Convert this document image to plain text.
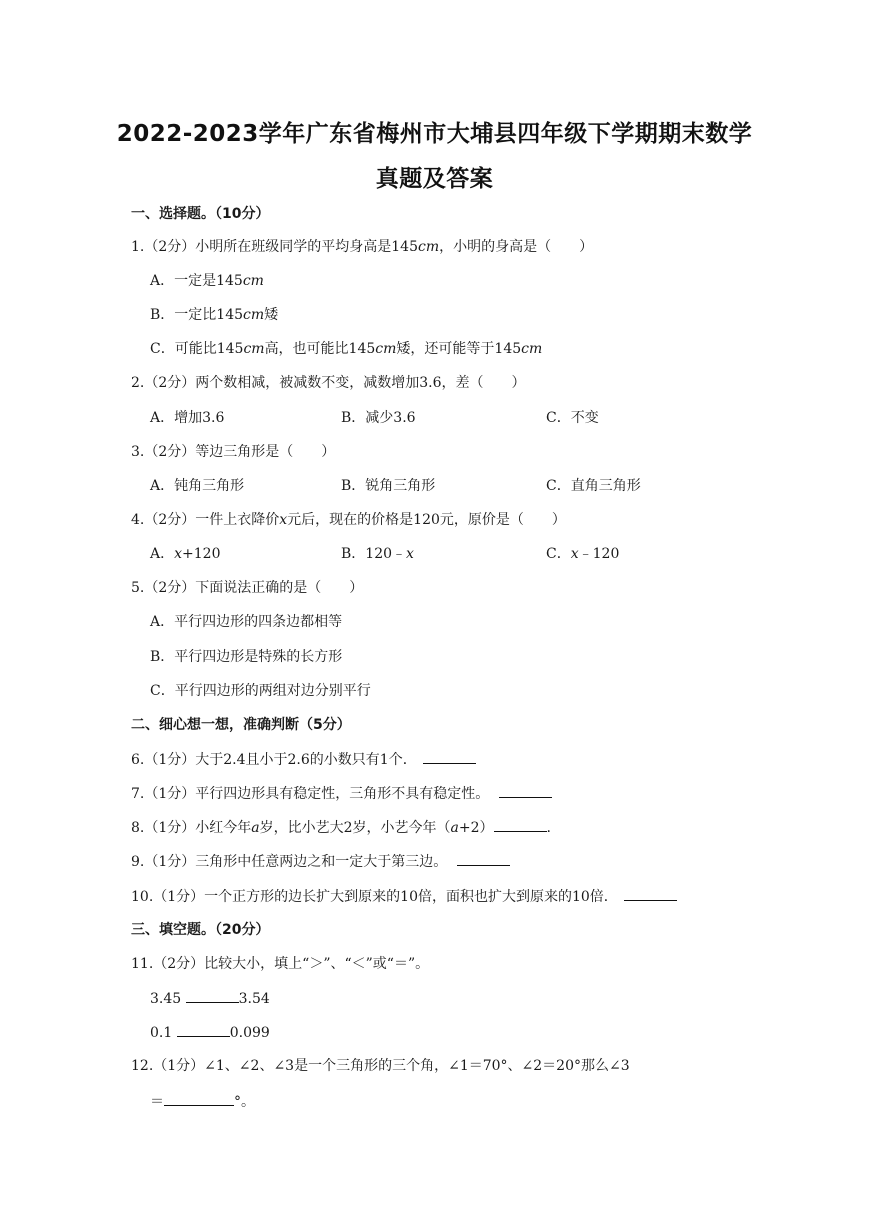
2022-2023学年广东省梅州市大埔县四年级下学期期末数学
真题及答案
一、选择题。（10分）
1.（2分）小明所在班级同学的平均身高是145cm，小明的身高是（　　）
A．一定是145cm
B．一定比145cm矮
C．可能比145cm高，也可能比145cm矮，还可能等于145cm
2.（2分）两个数相减，被减数不变，减数增加3.6，差（　　）
A．增加3.6	B．减少3.6	C．不变
3.（2分）等边三角形是（　　）
A．钝角三角形	B．锐角三角形	C．直角三角形
4.（2分）一件上衣降价x元后，现在的价格是120元，原价是（　　）
A．x+120	B．120﹣x	C．x﹣120
5.（2分）下面说法正确的是（　　）
A．平行四边形的四条边都相等
B．平行四边形是特殊的长方形
C．平行四边形的两组对边分别平行
二、细心想一想，准确判断（5分）
6.（1分）大于2.4且小于2.6的小数只有1个．
7.（1分）平行四边形具有稳定性，三角形不具有稳定性。
8.（1分）小红今年a岁，比小艺大2岁，小艺今年（a+2）	.
9.（1分）三角形中任意两边之和一定大于第三边。
10.（1分）一个正方形的边长扩大到原来的10倍，面积也扩大到原来的10倍．
三、填空题。（20分）
11.（2分）比较大小，填上“＞”、“＜”或“＝”。
3.45	3.54
0.1	0.099
12.（1分）∠1、∠2、∠3是一个三角形的三个角，∠1＝70°、∠2＝20°那么∠3
＝	°。
